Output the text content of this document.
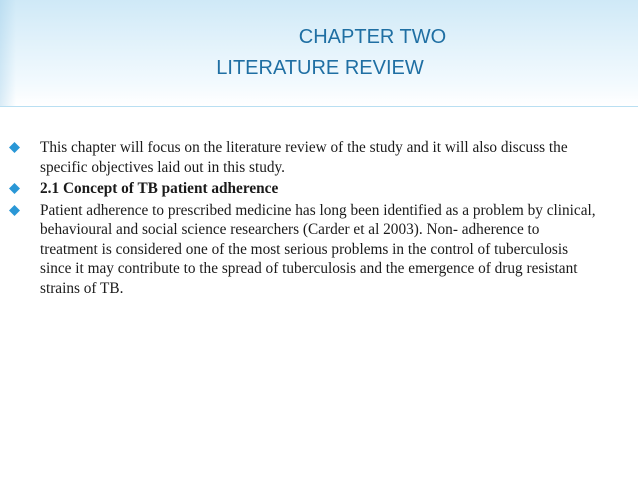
CHAPTER TWO
LITERATURE REVIEW
This chapter will focus on the literature review of the study and it will also discuss the specific objectives laid out in this study.
2.1 Concept of TB patient adherence
Patient adherence to prescribed medicine has long been identified as a problem by clinical, behavioural and social science researchers (Carder et al 2003). Non- adherence to treatment is considered one of the most serious problems in the control of tuberculosis since it may contribute to the spread of tuberculosis and the emergence of drug resistant strains of TB.
